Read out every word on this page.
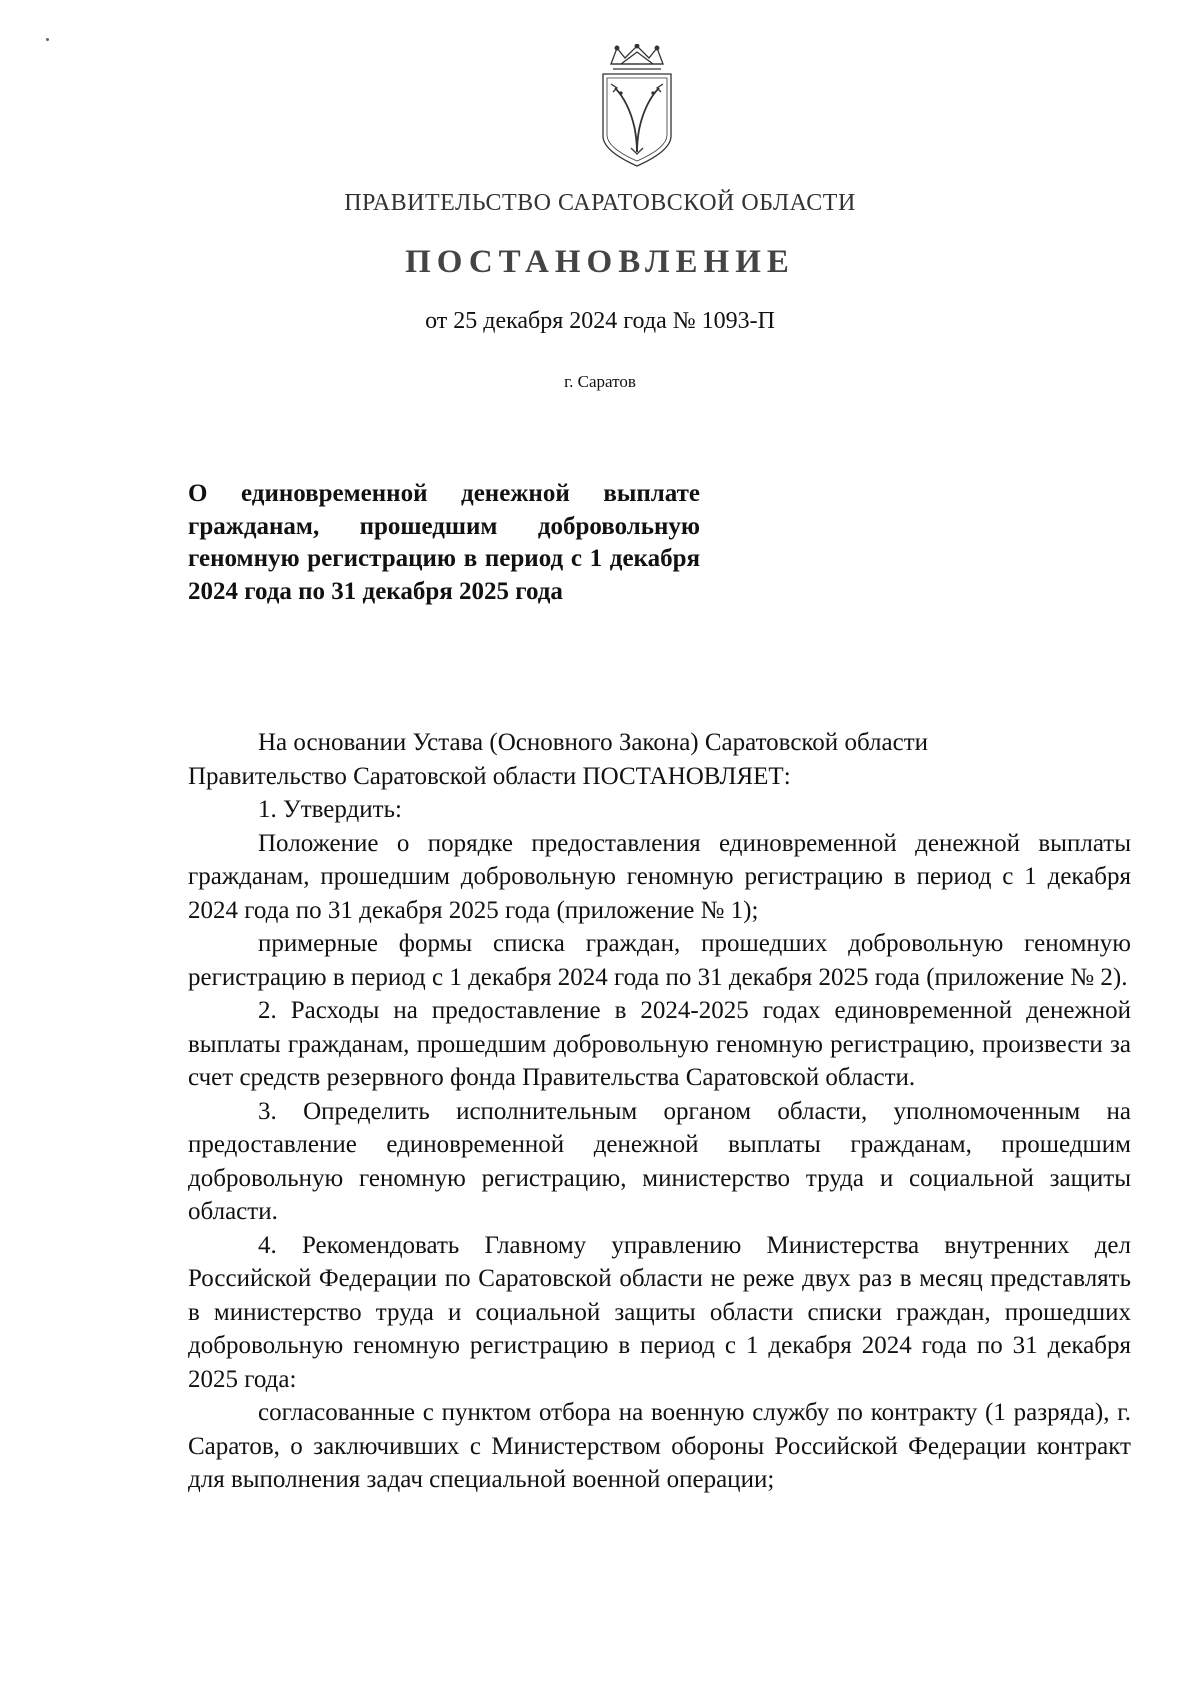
ПРАВИТЕЛЬСТВО САРАТОВСКОЙ ОБЛАСТИ
ПОСТАНОВЛЕНИЕ
от 25 декабря 2024 года № 1093-П
г. Саратов
О единовременной денежной выплате гражданам, прошедшим добровольную геномную регистрацию в период с 1 декабря 2024 года по 31 декабря 2025 года

На основании Устава (Основного Закона) Саратовской области

Правительство Саратовской области ПОСТАНОВЛЯЕТ:

1. Утвердить:

Положение о порядке предоставления единовременной денежной выплаты гражданам, прошедшим добровольную геномную регистрацию в период с 1 декабря 2024 года по 31 декабря 2025 года (приложение № 1);

примерные формы списка граждан, прошедших добровольную геномную регистрацию в период с 1 декабря 2024 года по 31 декабря 2025 года (приложение № 2).

2. Расходы на предоставление в 2024-2025 годах единовременной денежной выплаты гражданам, прошедшим добровольную геномную регистрацию, произвести за счет средств резервного фонда Правительства Саратовской области.

3. Определить исполнительным органом области, уполномоченным на предоставление единовременной денежной выплаты гражданам, прошедшим добровольную геномную регистрацию, министерство труда и социальной защиты области.

4. Рекомендовать Главному управлению Министерства внутренних дел Российской Федерации по Саратовской области не реже двух раз в месяц представлять в министерство труда и социальной защиты области списки граждан, прошедших добровольную геномную регистрацию в период с 1 декабря 2024 года по 31 декабря 2025 года:

согласованные с пунктом отбора на военную службу по контракту (1 разряда), г. Саратов, о заключивших с Министерством обороны Российской Федерации контракт для выполнения задач специальной военной операции;
